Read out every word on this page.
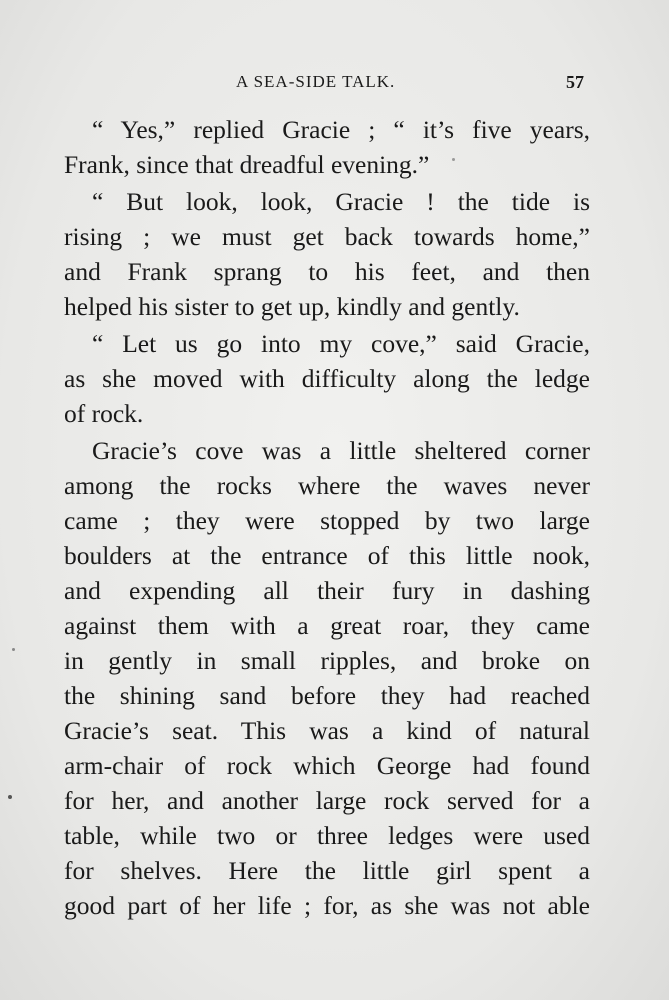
A SEA-SIDE TALK.	57
“ Yes,” replied Gracie ; “ it’s five years,
Frank, since that dreadful evening.”
“ But look, look, Gracie ! the tide is
rising ; we must get back towards home,”
and Frank sprang to his feet, and then
helped his sister to get up, kindly and gently.
“ Let us go into my cove,” said Gracie,
as she moved with difficulty along the ledge
of rock.
Gracie’s cove was a little sheltered corner
among the rocks where the waves never
came ; they were stopped by two large
boulders at the entrance of this little nook,
and expending all their fury in dashing
against them with a great roar, they came
in gently in small ripples, and broke on
the shining sand before they had reached
Gracie’s seat. This was a kind of natural
arm-chair of rock which George had found
for her, and another large rock served for a
table, while two or three ledges were used
for shelves. Here the little girl spent a
good part of her life ; for, as she was not able
